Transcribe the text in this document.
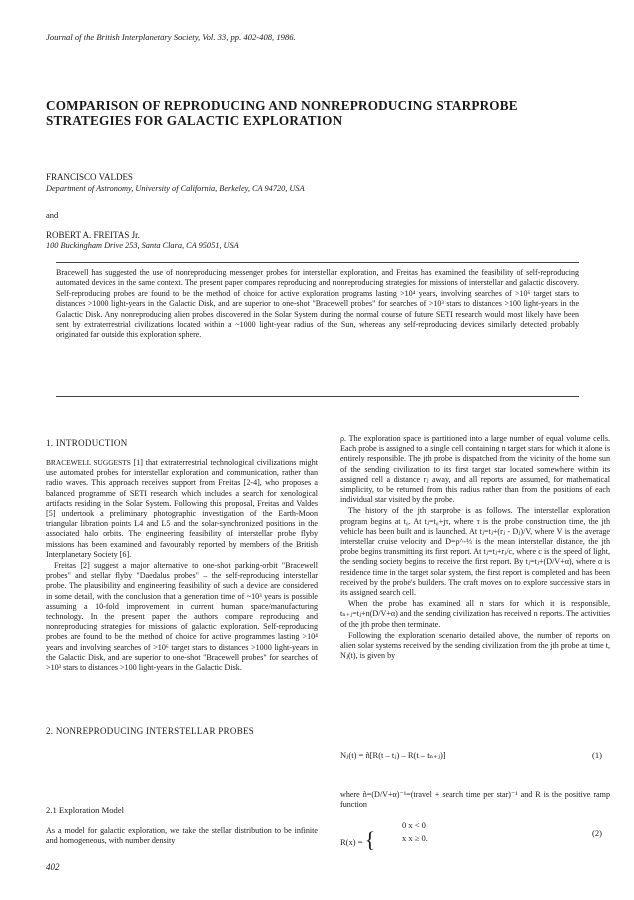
Journal of the British Interplanetary Society, Vol. 33, pp. 402-408, 1986.
COMPARISON OF REPRODUCING AND NONREPRODUCING STARPROBE STRATEGIES FOR GALACTIC EXPLORATION
FRANCISCO VALDES
Department of Astronomy, University of California, Berkeley, CA 94720, USA
and
ROBERT A. FREITAS Jr.
100 Buckingham Drive 253, Santa Clara, CA 95051, USA
Bracewell has suggested the use of nonreproducing messenger probes for interstellar exploration, and Freitas has examined the feasibility of self-reproducing automated devices in the same context. The present paper compares reproducing and nonreproducing strategies for missions of interstellar and galactic discovery. Self-reproducing probes are found to be the method of choice for active exploration programs lasting >10⁴ years, involving searches of >10⁶ target stars to distances >1000 light-years in the Galactic Disk, and are superior to one-shot "Bracewell probes" for searches of >10³ stars to distances >100 light-years in the Galactic Disk. Any nonreproducing alien probes discovered in the Solar System during the normal course of future SETI research would most likely have been sent by extraterrestrial civilizations located within a ~1000 light-year radius of the Sun, whereas any self-reproducing devices similarly detected probably originated far outside this exploration sphere.
1. INTRODUCTION

BRACEWELL SUGGESTS [1] that extraterrestrial technological civilizations might use automated probes for interstellar exploration and communication, rather than radio waves. This approach receives support from Freitas [2-4], who proposes a balanced programme of SETI research which includes a search for xenological artifacts residing in the Solar System. Following this proposal, Freitas and Valdes [5] undertook a preliminary photographic investigation of the Earth-Moon triangular libration points L4 and L5 and the solar-synchronized positions in the associated halo orbits. The engineering feasibility of interstellar probe flyby missions has been examined and favourably reported by members of the British Interplanetary Society [6].

Freitas [2] suggest a major alternative to one-shot parking-orbit "Bracewell probes" and stellar flyby "Daedalus probes" – the self-reproducing interstellar probe. The plausibility and engineering feasibility of such a device are considered in some detail, with the conclusion that a generation time of ~10³ years is possible assuming a 10-fold improvement in current human space/manufacturing technology. In the present paper the authors compare reproducing and nonreproducing strategies for missions of galactic exploration. Self-reproducing probes are found to be the method of choice for active programmes lasting >10⁴ years and involving searches of >10⁶ target stars to distances >1000 light-years in the Galactic Disk, and are superior to one-shot "Bracewell probes" for searches of >10³ stars to distances >100 light-years in the Galactic Disk.

2. NONREPRODUCING INTERSTELLAR PROBES
2.1 Exploration Model

As a model for galactic exploration, we take the stellar distribution to be infinite and homogeneous, with number density

ρ. The exploration space is partitioned into a large number of equal volume cells. Each probe is assigned to a single cell containing n target stars for which it alone is entirely responsible. The jth probe is dispatched from the vicinity of the home sun of the sending civilization to its first target star located somewhere within its assigned cell a distance rⱼ away, and all reports are assumed, for mathematical simplicity, to be returned from this radius rather than from the positions of each individual star visited by the probe.

The history of the jth starprobe is as follows. The interstellar exploration program begins at t₀. At tⱼ=t₀+jτ, where τ is the probe construction time, the jth vehicle has been built and is launched. At tⱼ=tⱼ+(rⱼ - Dⱼ)/V, where V is the average interstellar cruise velocity and D=ρ^-⅓ is the mean interstellar distance, the jth probe begins transmitting its first report. At tⱼ=tⱼ+rⱼ/c, where c is the speed of light, the sending society begins to receive the first report. By tⱼ=tⱼ+(D/V+α), where α is residence time in the target solar system, the first report is completed and has been received by the probe's builders. The craft moves on to explore successive stars in its assigned search cell.

When the probe has examined all n stars for which it is responsible, tₙ₊ⱼ=tⱼ+n(D/V+α) and the sending civilization has received n reports. The activities of the jth probe then terminate.

Following the exploration scenario detailed above, the number of reports on alien solar systems received by the sending civilization from the jth probe at time t, Nⱼ(t), is given by

Nⱼ(t) = ñ[R(t – tⱼ) – R(t – tₙ₊ⱼ)]	(1)

where ñ=(D/V+α)⁻¹=(travel + search time per star)⁻¹ and R is the positive ramp function

R(x) = {
0 x < 0
x x ≥ 0.	(2)
402
